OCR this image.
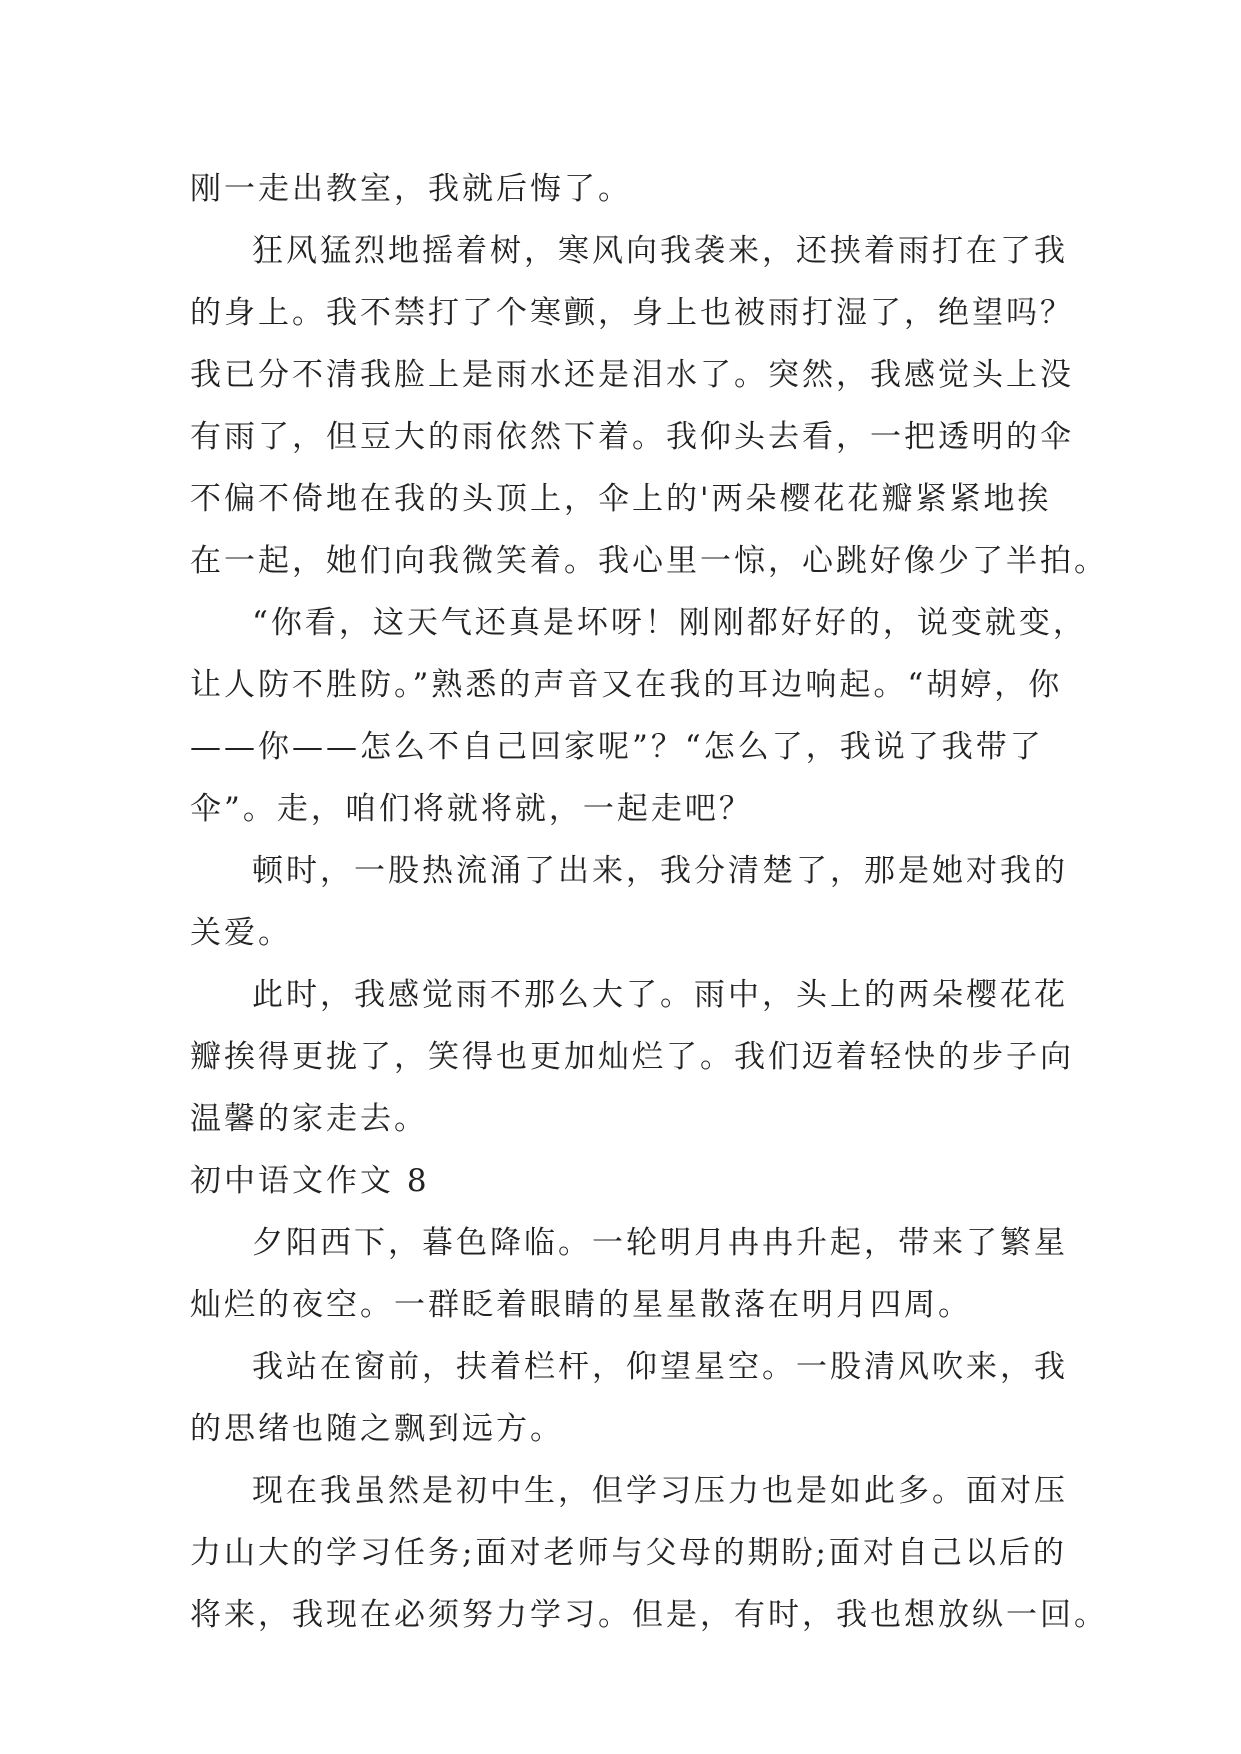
刚一走出教室，我就后悔了。
狂风猛烈地摇着树，寒风向我袭来，还挟着雨打在了我
的身上。我不禁打了个寒颤，身上也被雨打湿了，绝望吗？
我已分不清我脸上是雨水还是泪水了。突然，我感觉头上没
有雨了，但豆大的雨依然下着。我仰头去看，一把透明的伞
不偏不倚地在我的头顶上，伞上的'两朵樱花花瓣紧紧地挨
在一起，她们向我微笑着。我心里一惊，心跳好像少了半拍。
“你看，这天气还真是坏呀！刚刚都好好的，说变就变，
让人防不胜防。”熟悉的声音又在我的耳边响起。“胡婷，你
——你——怎么不自己回家呢”？“怎么了，我说了我带了
伞”。走，咱们将就将就，一起走吧？
顿时，一股热流涌了出来，我分清楚了，那是她对我的
关爱。
此时，我感觉雨不那么大了。雨中，头上的两朵樱花花
瓣挨得更拢了，笑得也更加灿烂了。我们迈着轻快的步子向
温馨的家走去。
初中语文作文 8
夕阳西下，暮色降临。一轮明月冉冉升起，带来了繁星
灿烂的夜空。一群眨着眼睛的星星散落在明月四周。
我站在窗前，扶着栏杆，仰望星空。一股清风吹来，我
的思绪也随之飘到远方。
现在我虽然是初中生，但学习压力也是如此多。面对压
力山大的学习任务;面对老师与父母的期盼;面对自己以后的
将来，我现在必须努力学习。但是，有时，我也想放纵一回。
